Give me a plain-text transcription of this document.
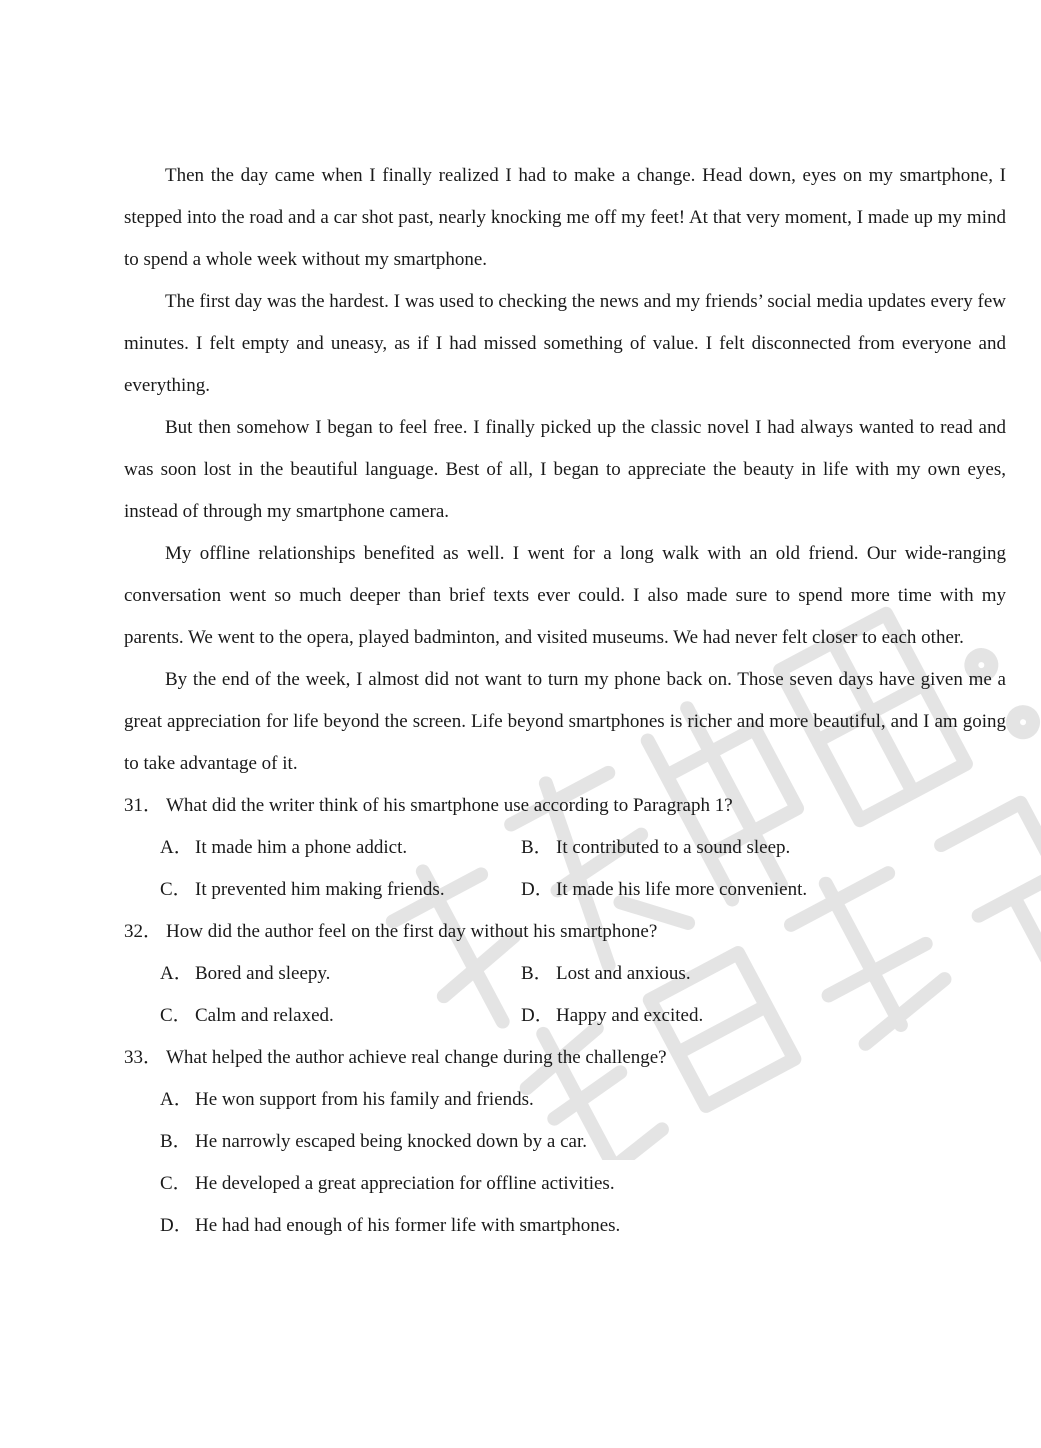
Then the day came when I finally realized I had to make a change. Head down, eyes on my smartphone, I stepped into the road and a car shot past, nearly knocking me off my feet! At that very moment, I made up my mind to spend a whole week without my smartphone.

The first day was the hardest. I was used to checking the news and my friends’ social media updates every few minutes. I felt empty and uneasy, as if I had missed something of value. I felt disconnected from everyone and everything.

But then somehow I began to feel free. I finally picked up the classic novel I had always wanted to read and was soon lost in the beautiful language. Best of all, I began to appreciate the beauty in life with my own eyes, instead of through my smartphone camera.

My offline relationships benefited as well. I went for a long walk with an old friend. Our wide-ranging conversation went so much deeper than brief texts ever could. I also made sure to spend more time with my parents. We went to the opera, played badminton, and visited museums. We had never felt closer to each other.

By the end of the week, I almost did not want to turn my phone back on. Those seven days have given me a great appreciation for life beyond the screen. Life beyond smartphones is richer and more beautiful, and I am going to take advantage of it.

31． What did the writer think of his smartphone use according to Paragraph 1?

A． It made him a phone addict.	B． It contributed to a sound sleep.
C． It prevented him making friends.	D． It made his life more convenient.

32． How did the author feel on the first day without his smartphone?

A． Bored and sleepy.	B． Lost and anxious.
C． Calm and relaxed.	D． Happy and excited.

33． What helped the author achieve real change during the challenge?

A． He won support from his family and friends.
B． He narrowly escaped being knocked down by a car.
C． He developed a great appreciation for offline activities.
D． He had had enough of his former life with smartphones.
